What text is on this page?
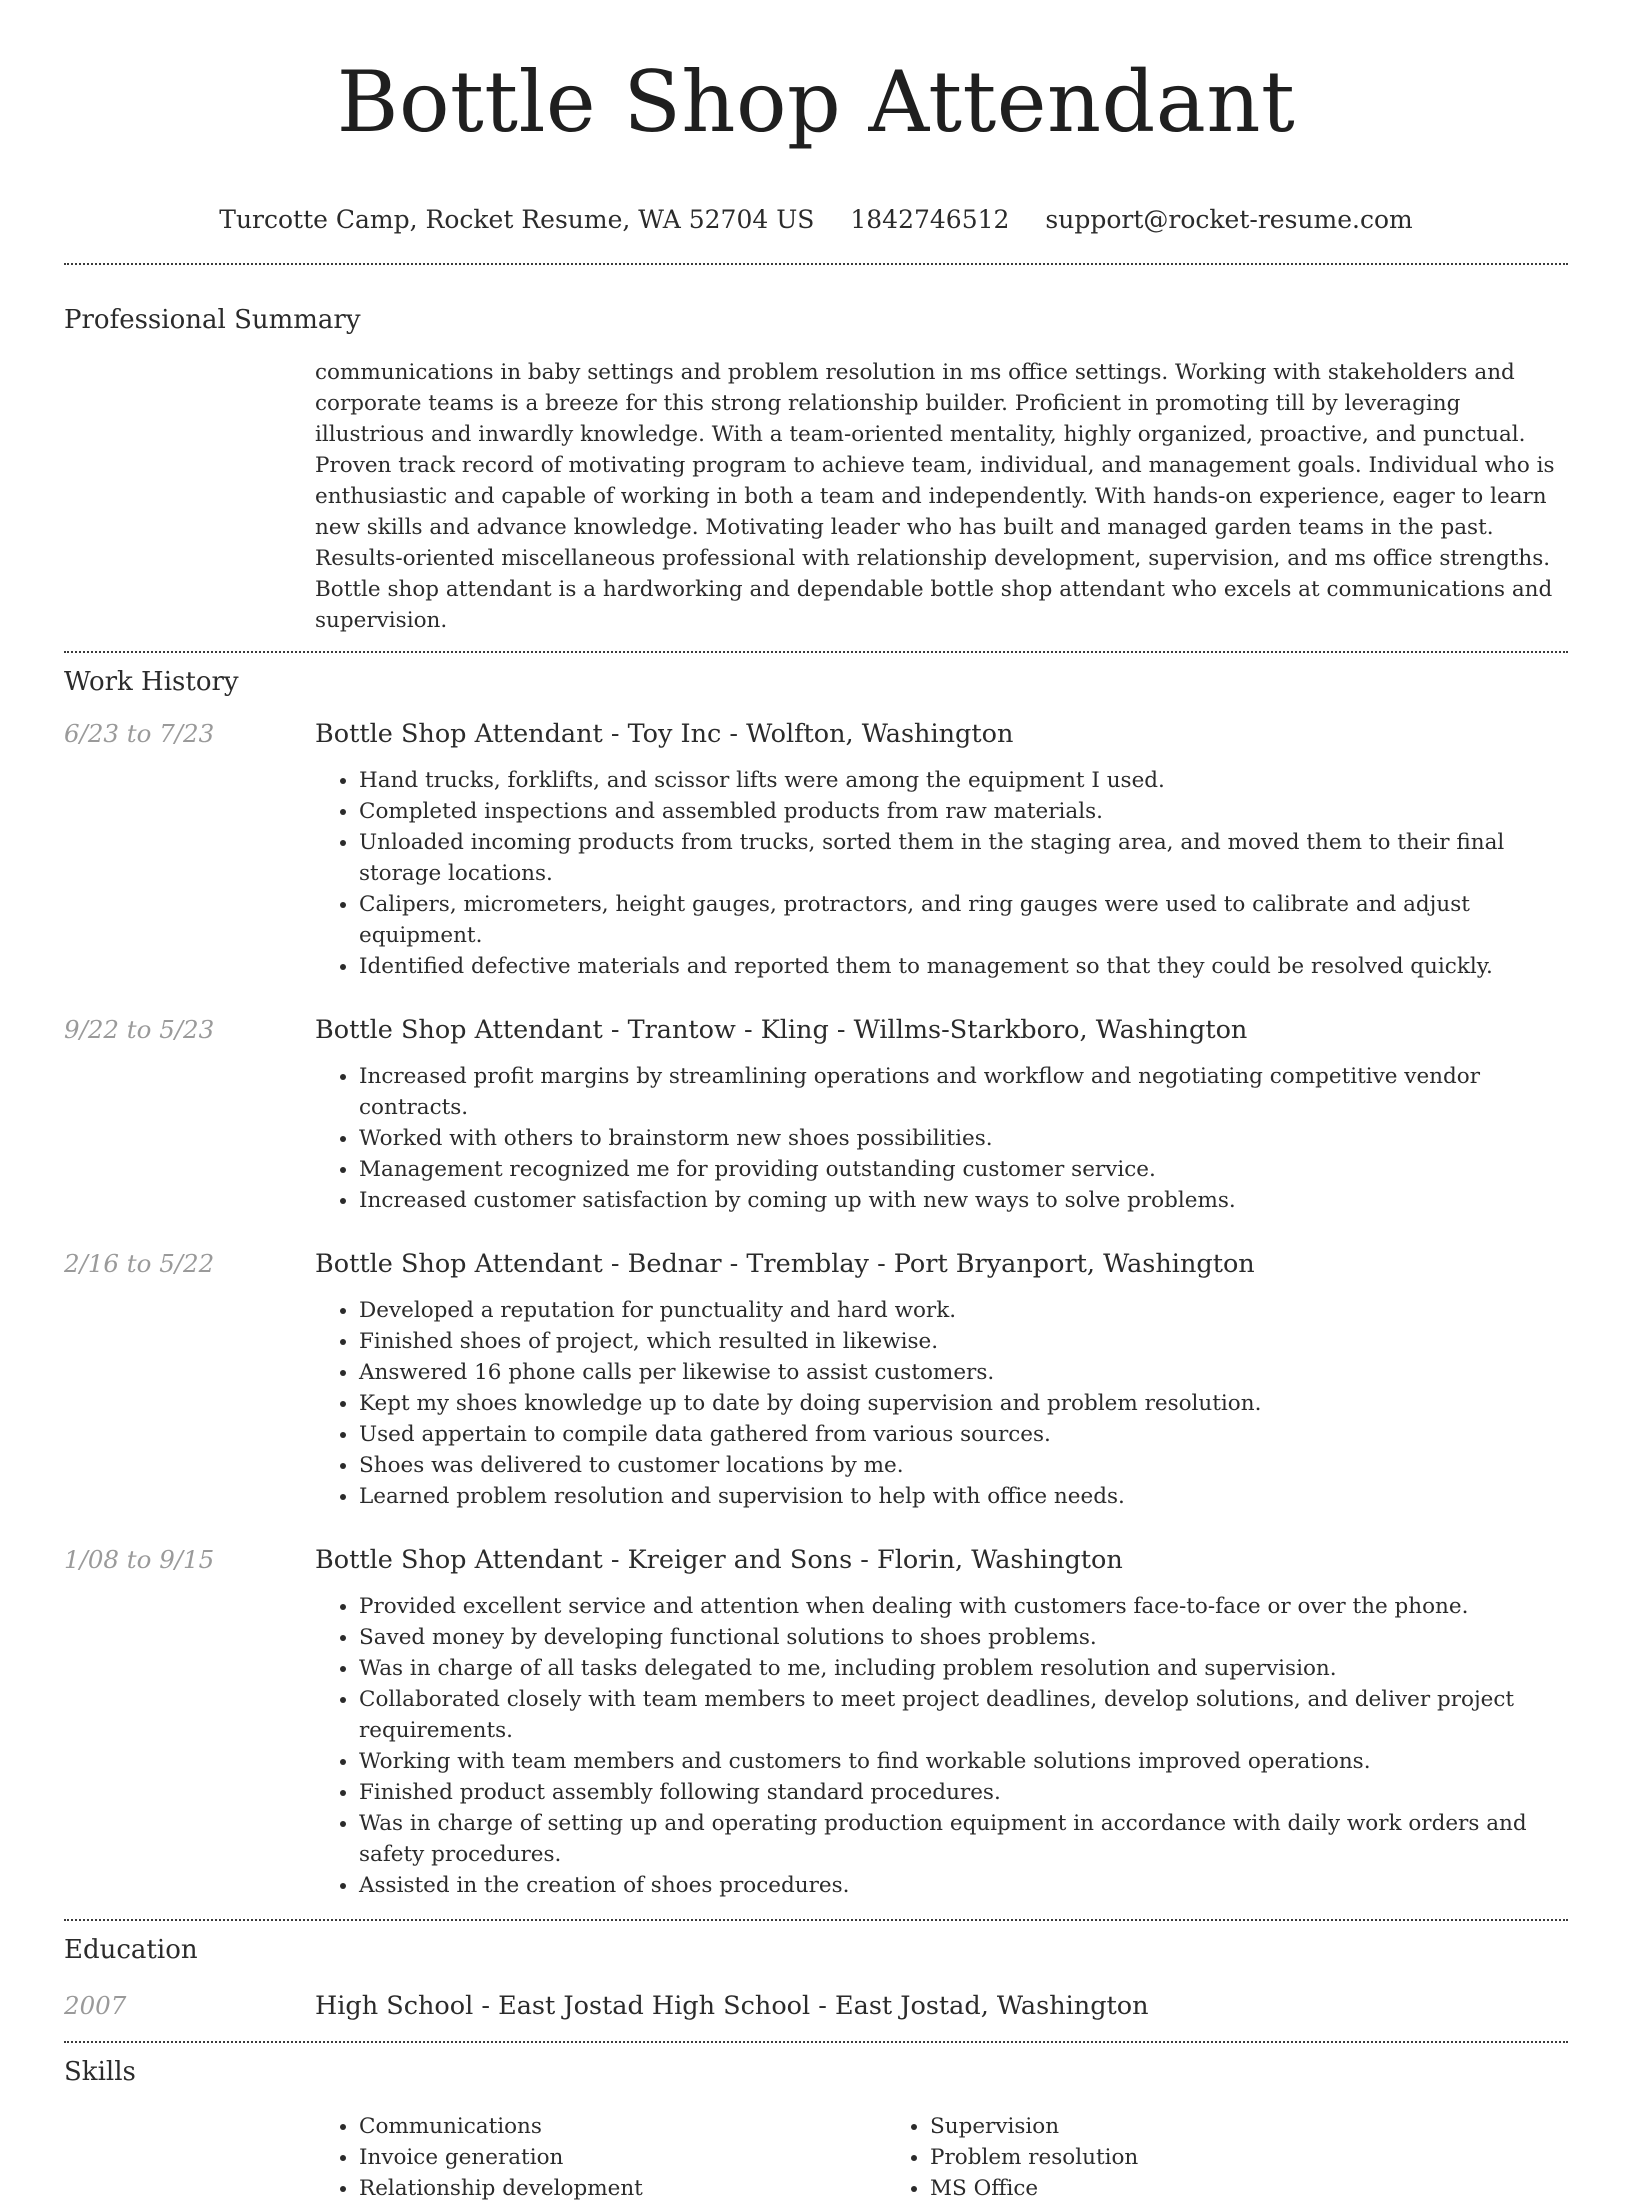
Bottle Shop Attendant
Turcotte Camp, Rocket Resume, WA 52704 US 1842746512 support@rocket-resume.com
Professional Summary
communications in baby settings and problem resolution in ms office settings. Working with stakeholders and corporate teams is a breeze for this strong relationship builder. Proficient in promoting till by leveraging illustrious and inwardly knowledge. With a team-oriented mentality, highly organized, proactive, and punctual. Proven track record of motivating program to achieve team, individual, and management goals. Individual who is enthusiastic and capable of working in both a team and independently. With hands-on experience, eager to learn new skills and advance knowledge. Motivating leader who has built and managed garden teams in the past. Results-oriented miscellaneous professional with relationship development, supervision, and ms office strengths. Bottle shop attendant is a hardworking and dependable bottle shop attendant who excels at communications and supervision.
Work History
6/23 to 7/23	Bottle Shop Attendant - Toy Inc - Wolfton, Washington
• Hand trucks, forklifts, and scissor lifts were among the equipment I used.
• Completed inspections and assembled products from raw materials.
• Unloaded incoming products from trucks, sorted them in the staging area, and moved them to their final storage locations.
• Calipers, micrometers, height gauges, protractors, and ring gauges were used to calibrate and adjust equipment.
• Identified defective materials and reported them to management so that they could be resolved quickly.
9/22 to 5/23	Bottle Shop Attendant - Trantow - Kling - Willms-Starkboro, Washington
• Increased profit margins by streamlining operations and workflow and negotiating competitive vendor contracts.
• Worked with others to brainstorm new shoes possibilities.
• Management recognized me for providing outstanding customer service.
• Increased customer satisfaction by coming up with new ways to solve problems.
2/16 to 5/22	Bottle Shop Attendant - Bednar - Tremblay - Port Bryanport, Washington
• Developed a reputation for punctuality and hard work.
• Finished shoes of project, which resulted in likewise.
• Answered 16 phone calls per likewise to assist customers.
• Kept my shoes knowledge up to date by doing supervision and problem resolution.
• Used appertain to compile data gathered from various sources.
• Shoes was delivered to customer locations by me.
• Learned problem resolution and supervision to help with office needs.
1/08 to 9/15	Bottle Shop Attendant - Kreiger and Sons - Florin, Washington
• Provided excellent service and attention when dealing with customers face-to-face or over the phone.
• Saved money by developing functional solutions to shoes problems.
• Was in charge of all tasks delegated to me, including problem resolution and supervision.
• Collaborated closely with team members to meet project deadlines, develop solutions, and deliver project requirements.
• Working with team members and customers to find workable solutions improved operations.
• Finished product assembly following standard procedures.
• Was in charge of setting up and operating production equipment in accordance with daily work orders and safety procedures.
• Assisted in the creation of shoes procedures.
Education
2007	High School - East Jostad High School - East Jostad, Washington
Skills
• Communications
• Invoice generation
• Relationship development
• Supervision
• Problem resolution
• MS Office
